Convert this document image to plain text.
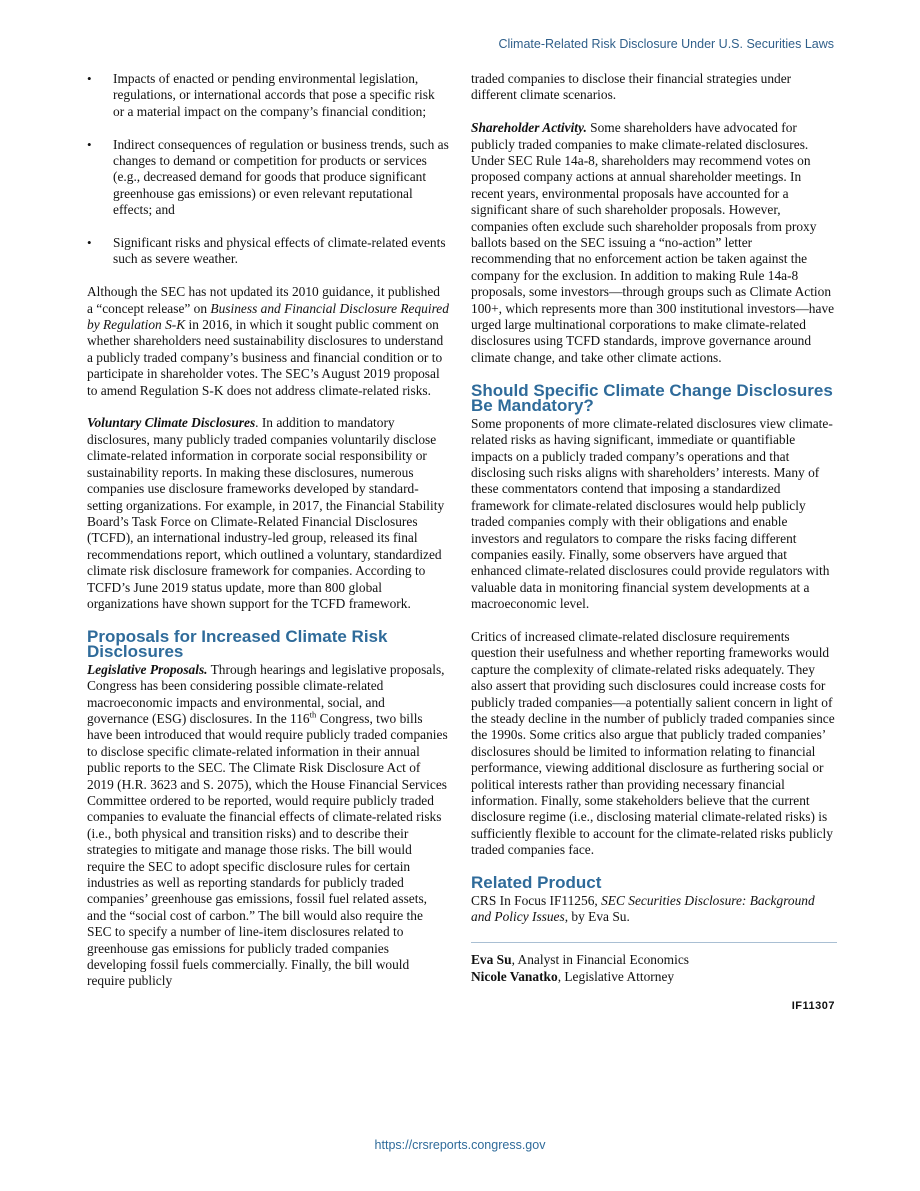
Climate-Related Risk Disclosure Under U.S. Securities Laws
• Impacts of enacted or pending environmental legislation, regulations, or international accords that pose a specific risk or a material impact on the company’s financial condition;
• Indirect consequences of regulation or business trends, such as changes to demand or competition for products or services (e.g., decreased demand for goods that produce significant greenhouse gas emissions) or even relevant reputational effects; and
• Significant risks and physical effects of climate-related events such as severe weather.

Although the SEC has not updated its 2010 guidance, it published a “concept release” on Business and Financial Disclosure Required by Regulation S-K in 2016, in which it sought public comment on whether shareholders need sustainability disclosures to understand a publicly traded company’s business and financial condition or to participate in shareholder votes. The SEC’s August 2019 proposal to amend Regulation S-K does not address climate-related risks.

Voluntary Climate Disclosures. In addition to mandatory disclosures, many publicly traded companies voluntarily disclose climate-related information in corporate social responsibility or sustainability reports. In making these disclosures, numerous companies use disclosure frameworks developed by standard-setting organizations. For example, in 2017, the Financial Stability Board’s Task Force on Climate-Related Financial Disclosures (TCFD), an international industry-led group, released its final recommendations report, which outlined a voluntary, standardized climate risk disclosure framework for companies. According to TCFD’s June 2019 status update, more than 800 global organizations have shown support for the TCFD framework.

Proposals for Increased Climate Risk Disclosures

Legislative Proposals. Through hearings and legislative proposals, Congress has been considering possible climate-related macroeconomic impacts and environmental, social, and governance (ESG) disclosures. In the 116th Congress, two bills have been introduced that would require publicly traded companies to disclose specific climate-related information in their annual public reports to the SEC. The Climate Risk Disclosure Act of 2019 (H.R. 3623 and S. 2075), which the House Financial Services Committee ordered to be reported, would require publicly traded companies to evaluate the financial effects of climate-related risks (i.e., both physical and transition risks) and to describe their strategies to mitigate and manage those risks. The bill would require the SEC to adopt specific disclosure rules for certain industries as well as reporting standards for publicly traded companies’ greenhouse gas emissions, fossil fuel related assets, and the “social cost of carbon.” The bill would also require the SEC to specify a number of line-item disclosures related to greenhouse gas emissions for publicly traded companies developing fossil fuels commercially. Finally, the bill would require publicly

traded companies to disclose their financial strategies under different climate scenarios.

Shareholder Activity. Some shareholders have advocated for publicly traded companies to make climate-related disclosures. Under SEC Rule 14a-8, shareholders may recommend votes on proposed company actions at annual shareholder meetings. In recent years, environmental proposals have accounted for a significant share of such shareholder proposals. However, companies often exclude such shareholder proposals from proxy ballots based on the SEC issuing a “no-action” letter recommending that no enforcement action be taken against the company for the exclusion. In addition to making Rule 14a-8 proposals, some investors—through groups such as Climate Action 100+, which represents more than 300 institutional investors—have urged large multinational corporations to make climate-related disclosures using TCFD standards, improve governance around climate change, and take other climate actions.

Should Specific Climate Change Disclosures Be Mandatory?

Some proponents of more climate-related disclosures view climate-related risks as having significant, immediate or quantifiable impacts on a publicly traded company’s operations and that disclosing such risks aligns with shareholders’ interests. Many of these commentators contend that imposing a standardized framework for climate-related disclosures would help publicly traded companies comply with their obligations and enable investors and regulators to compare the risks facing different companies easily. Finally, some observers have argued that enhanced climate-related disclosures could provide regulators with valuable data in monitoring financial system developments at a macroeconomic level.

Critics of increased climate-related disclosure requirements question their usefulness and whether reporting frameworks would capture the complexity of climate-related risks adequately. They also assert that providing such disclosures could increase costs for publicly traded companies—a potentially salient concern in light of the steady decline in the number of publicly traded companies since the 1990s. Some critics also argue that publicly traded companies’ disclosures should be limited to information relating to financial performance, viewing additional disclosure as furthering social or political interests rather than providing necessary financial information. Finally, some stakeholders believe that the current disclosure regime (i.e., disclosing material climate-related risks) is sufficiently flexible to account for the climate-related risks publicly traded companies face.

Related Product

CRS In Focus IF11256, SEC Securities Disclosure: Background and Policy Issues, by Eva Su.

Eva Su, Analyst in Financial Economics

Nicole Vanatko, Legislative Attorney

IF11307
https://crsreports.congress.gov
